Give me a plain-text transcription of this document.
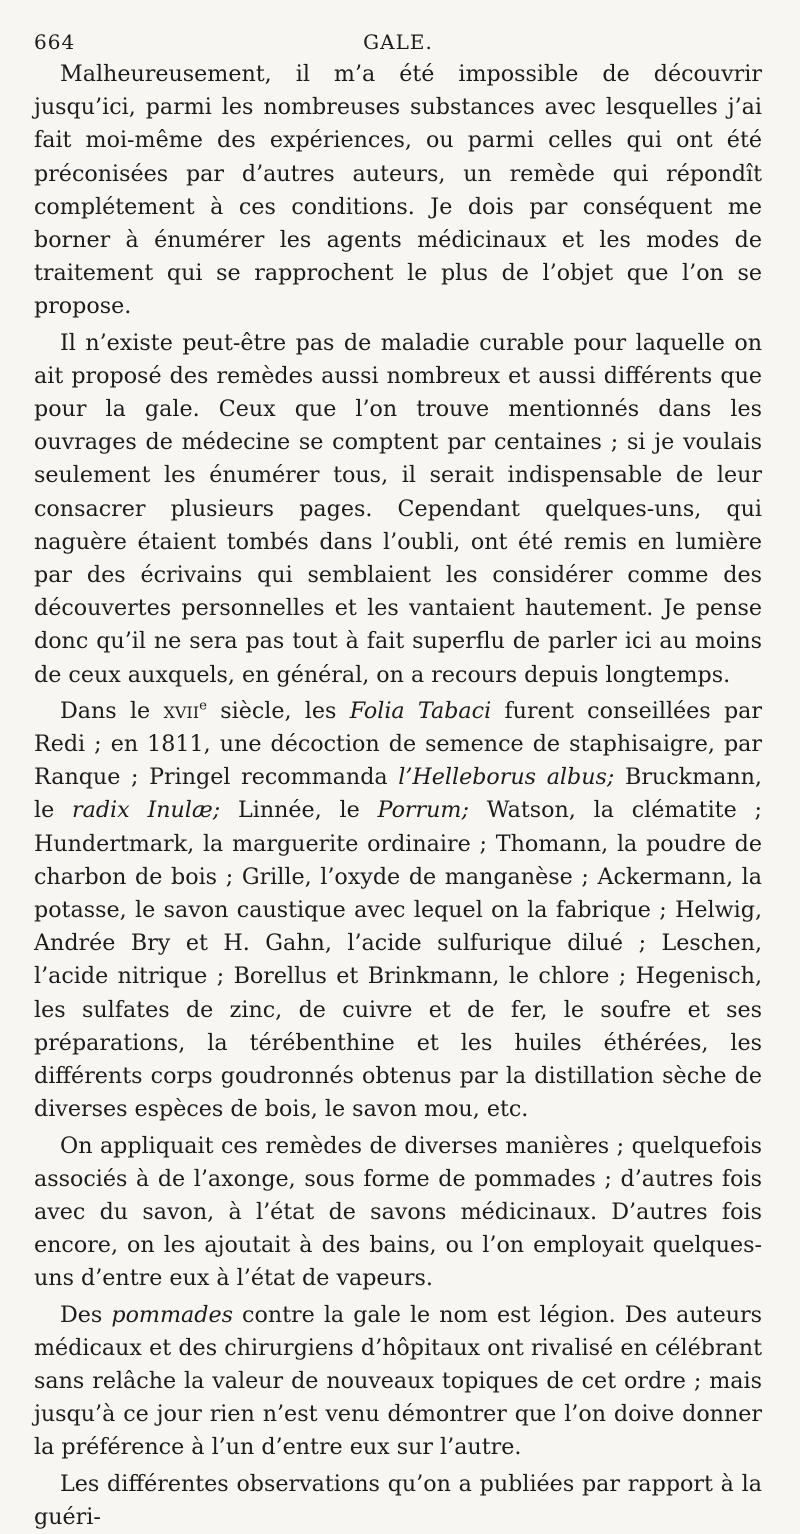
664	GALE.

Malheureusement, il m’a été impossible de découvrir jusqu’ici, parmi les nombreuses substances avec lesquelles j’ai fait moi-même des expériences, ou parmi celles qui ont été préconisées par d’autres auteurs, un remède qui répondît complétement à ces conditions. Je dois par conséquent me borner à énumérer les agents médicinaux et les modes de traitement qui se rapprochent le plus de l’objet que l’on se propose.

Il n’existe peut-être pas de maladie curable pour laquelle on ait proposé des remèdes aussi nombreux et aussi différents que pour la gale. Ceux que l’on trouve mentionnés dans les ouvrages de médecine se comptent par centaines ; si je voulais seulement les énumérer tous, il serait indispensable de leur consacrer plusieurs pages. Cependant quelques-uns, qui naguère étaient tombés dans l’oubli, ont été remis en lumière par des écrivains qui semblaient les considérer comme des découvertes personnelles et les vantaient hautement. Je pense donc qu’il ne sera pas tout à fait superflu de parler ici au moins de ceux auxquels, en général, on a recours depuis longtemps.

Dans le xvii$^e$ siècle, les Folia Tabaci furent conseillées par Redi ; en 1811, une décoction de semence de staphisaigre, par Ranque ; Pringel recommanda l’Helleborus albus; Bruckmann, le radix Inulæ; Linnée, le Porrum; Watson, la clématite ; Hundertmark, la marguerite ordinaire ; Thomann, la poudre de charbon de bois ; Grille, l’oxyde de manganèse ; Ackermann, la potasse, le savon caustique avec lequel on la fabrique ; Helwig, Andrée Bry et H. Gahn, l’acide sulfurique dilué ; Leschen, l’acide nitrique ; Borellus et Brinkmann, le chlore ; Hegenisch, les sulfates de zinc, de cuivre et de fer, le soufre et ses préparations, la térébenthine et les huiles éthérées, les différents corps goudronnés obtenus par la distillation sèche de diverses espèces de bois, le savon mou, etc.

On appliquait ces remèdes de diverses manières ; quelquefois associés à de l’axonge, sous forme de pommades ; d’autres fois avec du savon, à l’état de savons médicinaux. D’autres fois encore, on les ajoutait à des bains, ou l’on employait quelques-uns d’entre eux à l’état de vapeurs.

Des pommades contre la gale le nom est légion. Des auteurs médicaux et des chirurgiens d’hôpitaux ont rivalisé en célébrant sans relâche la valeur de nouveaux topiques de cet ordre ; mais jusqu’à ce jour rien n’est venu démontrer que l’on doive donner la préférence à l’un d’entre eux sur l’autre.

Les différentes observations qu’on a publiées par rapport à la guéri-
